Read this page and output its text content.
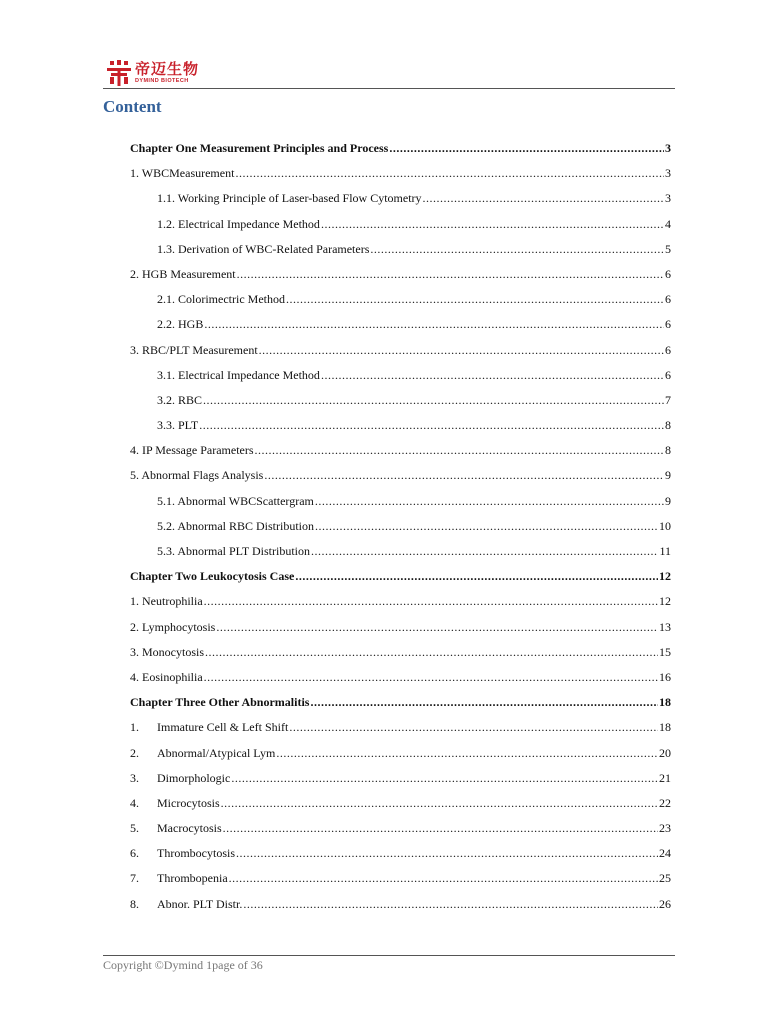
帝迈生物
DYMIND BIOTECH
Content
Chapter One Measurement Principles and Process .....	3
1. WBCMeasurement .....	3
1.1. Working Principle of Laser-based Flow Cytometry .....	3
1.2. Electrical Impedance Method .....	4
1.3. Derivation of WBC-Related Parameters .....	5
2. HGB Measurement .....	6
2.1. Colorimectric Method .....	6
2.2. HGB .....	6
3. RBC/PLT Measurement .....	6
3.1. Electrical Impedance Method .....	6
3.2. RBC .....	7
3.3. PLT .....	8
4. IP Message Parameters .....	8
5. Abnormal Flags Analysis .....	9
5.1. Abnormal WBCScattergram .....	9
5.2. Abnormal RBC Distribution .....	10
5.3. Abnormal PLT Distribution .....	11
Chapter Two Leukocytosis Case .....	12
1. Neutrophilia .....	12
2. Lymphocytosis .....	13
3. Monocytosis .....	15
4. Eosinophilia .....	16
Chapter Three Other Abnormalitis .....	18
1.	Immature Cell & Left Shift .....	18
2.	Abnormal/Atypical Lym .....	20
3.	Dimorphologic .....	21
4.	Microcytosis .....	22
5.	Macrocytosis .....	23
6.	Thrombocytosis .....	24
7.	Thrombopenia .....	25
8.	Abnor. PLT Distr. .....	26
Copyright ©Dymind 1page of 36
